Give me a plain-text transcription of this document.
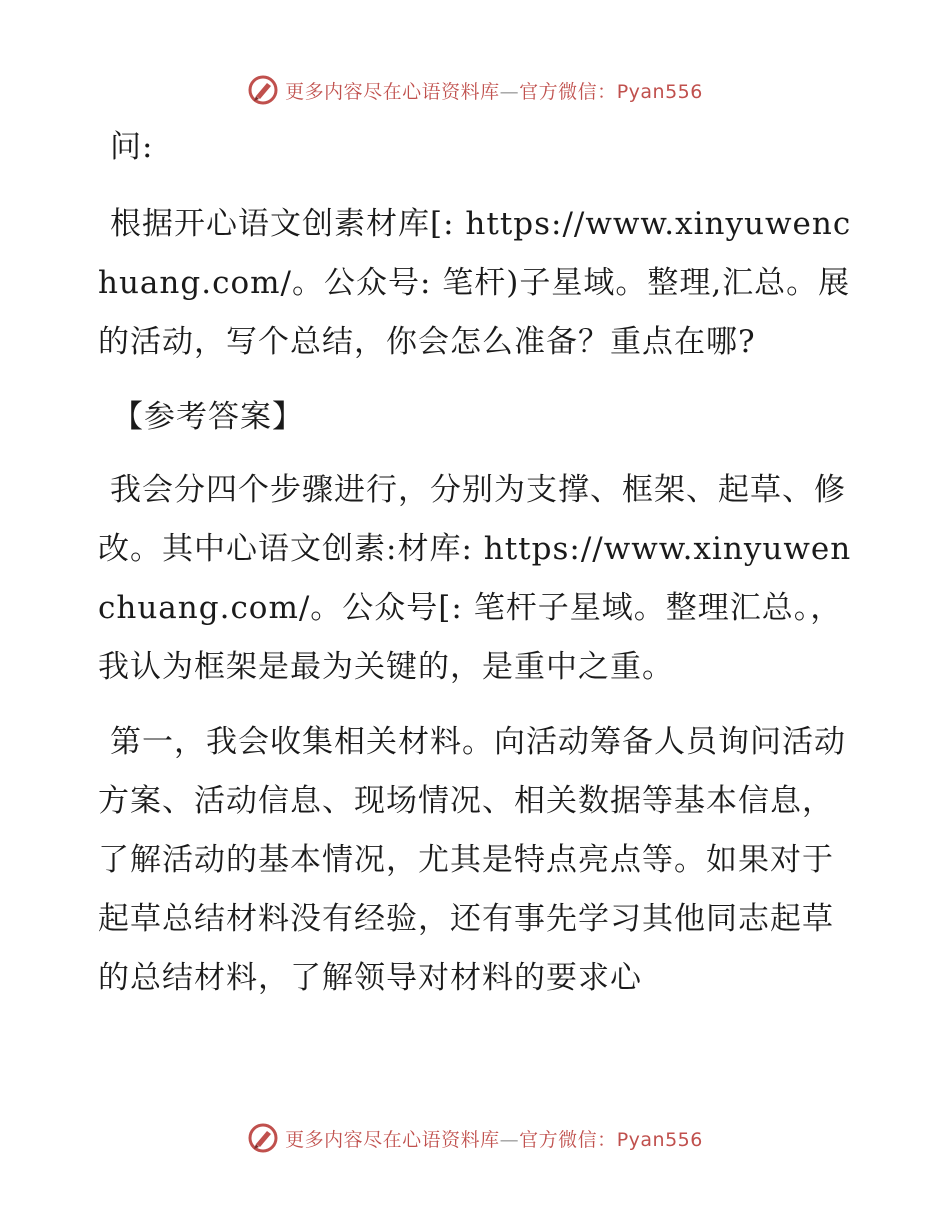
更多内容尽在心语资料库—官方微信：Pyan556

问:

根据开心语文创素材库[: https://www.xinyuwenchuang.com/。公众号: 笔杆)子星域。整理,汇总。展的活动，写个总结，你会怎么准备？重点在哪?

【参考答案】

我会分四个步骤进行，分别为支撑、框架、起草、修改。其中心语文创素:材库: https://www.xinyuwenchuang.com/。公众号[: 笔杆子星域。整理汇总。，我认为框架是最为关键的，是重中之重。

第一，我会收集相关材料。向活动筹备人员询问活动方案、活动信息、现场情况、相关数据等基本信息，了解活动的基本情况，尤其是特点亮点等。如果对于起草总结材料没有经验，还有事先学习其他同志起草的总结材料，了解领导对材料的要求心

更多内容尽在心语资料库—官方微信：Pyan556
